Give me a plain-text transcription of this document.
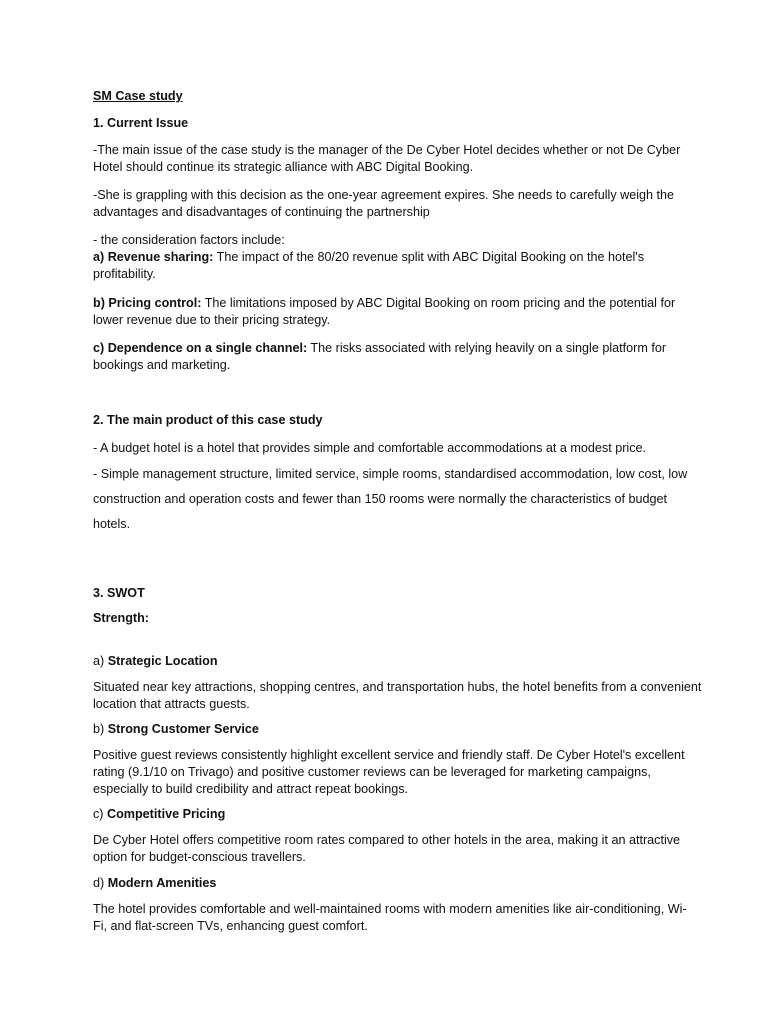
SM Case study

1. Current Issue

-The main issue of the case study is the manager of the De Cyber Hotel decides whether or not De Cyber Hotel should continue its strategic alliance with ABC Digital Booking.

-She is grappling with this decision as the one-year agreement expires. She needs to carefully weigh the advantages and disadvantages of continuing the partnership

- the consideration factors include:

a) Revenue sharing: The impact of the 80/20 revenue split with ABC Digital Booking on the hotel's profitability.

b) Pricing control: The limitations imposed by ABC Digital Booking on room pricing and the potential for lower revenue due to their pricing strategy.

c) Dependence on a single channel: The risks associated with relying heavily on a single platform for bookings and marketing.

2. The main product of this case study

- A budget hotel is a hotel that provides simple and comfortable accommodations at a modest price.

- Simple management structure, limited service, simple rooms, standardised accommodation, low cost, low construction and operation costs and fewer than 150 rooms were normally the characteristics of budget hotels.

3. SWOT

Strength:

a) Strategic Location

Situated near key attractions, shopping centres, and transportation hubs, the hotel benefits from a convenient location that attracts guests.

b) Strong Customer Service

Positive guest reviews consistently highlight excellent service and friendly staff. De Cyber Hotel's excellent rating (9.1/10 on Trivago) and positive customer reviews can be leveraged for marketing campaigns, especially to build credibility and attract repeat bookings.

c) Competitive Pricing

De Cyber Hotel offers competitive room rates compared to other hotels in the area, making it an attractive option for budget-conscious travellers.

d) Modern Amenities

The hotel provides comfortable and well-maintained rooms with modern amenities like air-conditioning, Wi-Fi, and flat-screen TVs, enhancing guest comfort.
